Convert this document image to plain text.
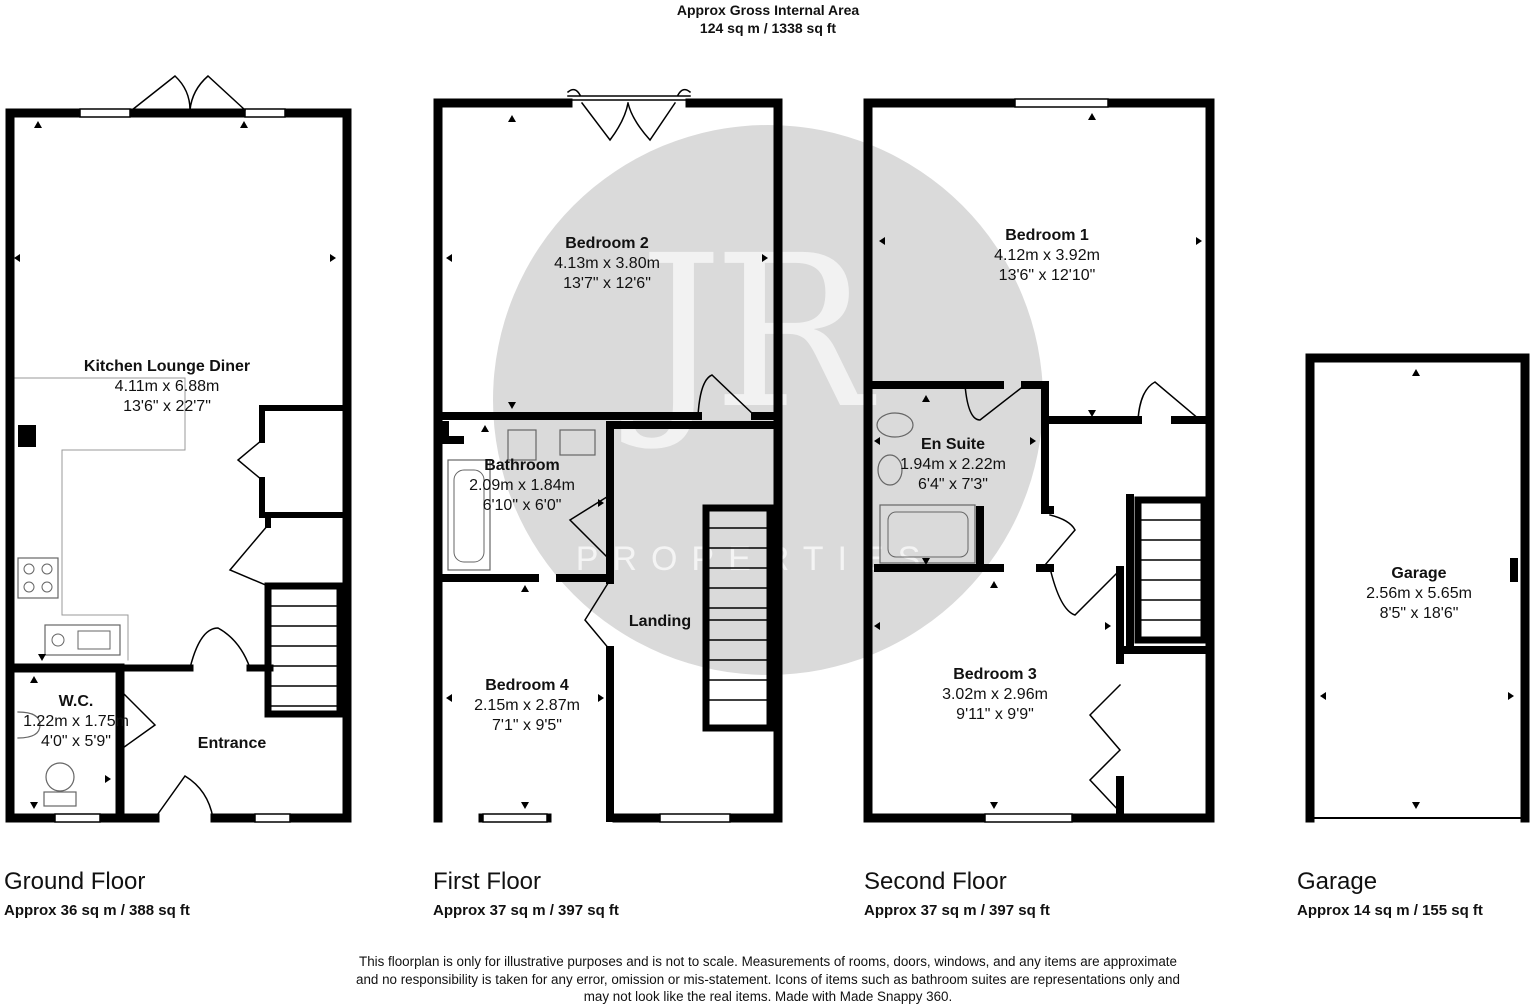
JR
PROPERTIES
Approx Gross Internal Area
124 sq m / 1338 sq ft
Kitchen Lounge Diner
4.11m x 6.88m
13'6" x 22'7"
W.C.
1.22m x 1.75m
4'0" x 5'9"	Entrance
Bedroom 2
4.13m x 3.80m
13'7" x 12'6"
Bathroom
2.09m x 1.84m
6'10" x 6'0"
Bedroom 4
2.15m x 2.87m
7'1" x 9'5"
Landing
Bedroom 1
4.12m x 3.92m
13'6" x 12'10"
En Suite
1.94m x 2.22m
6'4" x 7'3"
Bedroom 3
3.02m x 2.96m
9'11" x 9'9"
Garage
2.56m x 5.65m
8'5" x 18'6"
Ground Floor
Approx 36 sq m / 388 sq ft
First Floor
Approx 37 sq m / 397 sq ft
Second Floor
Approx 37 sq m / 397 sq ft
Garage
Approx 14 sq m / 155 sq ft
This floorplan is only for illustrative purposes and is not to scale. Measurements of rooms, doors, windows, and any items are approximate
and no responsibility is taken for any error, omission or mis-statement. Icons of items such as bathroom suites are representations only and
may not look like the real items. Made with Made Snappy 360.
